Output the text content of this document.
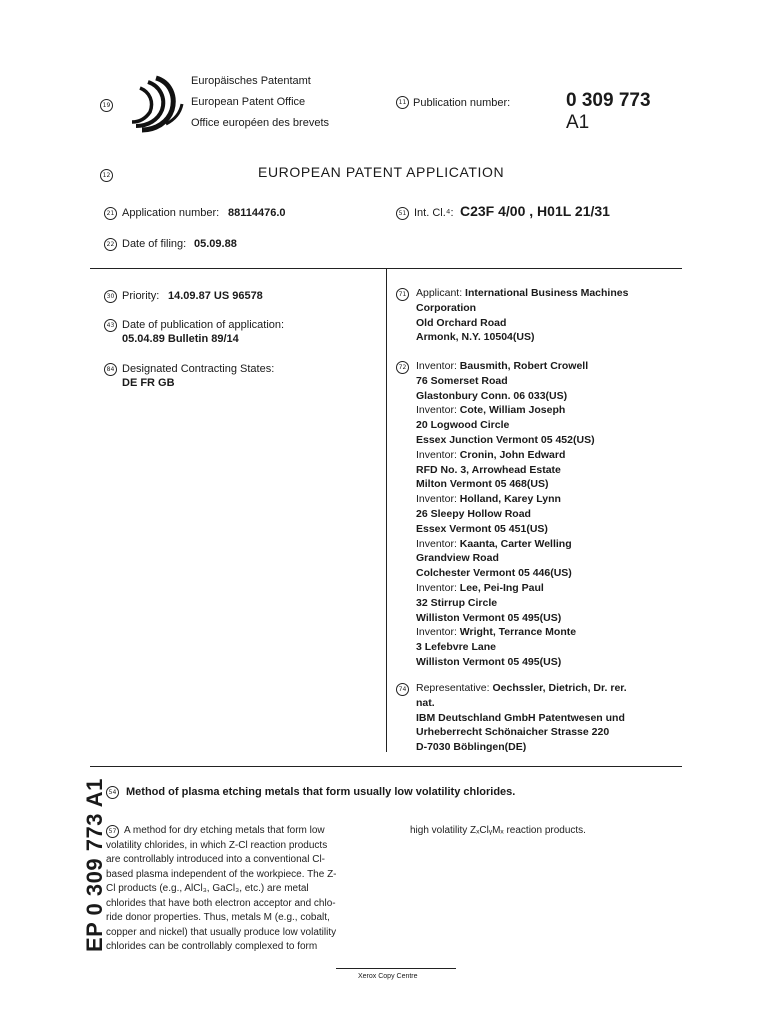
19
Europäisches Patentamt
European Patent Office
Office européen des brevets
11 Publication number:	0 309 773
A1
12	EUROPEAN PATENT APPLICATION
21 Application number: 88114476.0	51 Int. Cl.⁴: C23F 4/00 , H01L 21/31
22 Date of filing: 05.09.88
30 Priority: 14.09.87 US 96578
43 Date of publication of application:
05.04.89 Bulletin 89/14
84 Designated Contracting States:
DE FR GB
71 Applicant: International Business Machines
Corporation
Old Orchard Road
Armonk, N.Y. 10504(US)
72 Inventor: Bausmith, Robert Crowell
76 Somerset Road
Glastonbury Conn. 06 033(US)
Inventor: Cote, William Joseph
20 Logwood Circle
Essex Junction Vermont 05 452(US)
Inventor: Cronin, John Edward
RFD No. 3, Arrowhead Estate
Milton Vermont 05 468(US)
Inventor: Holland, Karey Lynn
26 Sleepy Hollow Road
Essex Vermont 05 451(US)
Inventor: Kaanta, Carter Welling
Grandview Road
Colchester Vermont 05 446(US)
Inventor: Lee, Pei-Ing Paul
32 Stirrup Circle
Williston Vermont 05 495(US)
Inventor: Wright, Terrance Monte
3 Lefebvre Lane
Williston Vermont 05 495(US)
74 Representative: Oechssler, Dietrich, Dr. rer.
nat.
IBM Deutschland GmbH Patentwesen und
Urheberrecht Schönaicher Strasse 220
D-7030 Böblingen(DE)
54 Method of plasma etching metals that form usually low volatility chlorides.
57 A method for dry etching metals that form low
volatility chlorides, in which Z-Cl reaction products
are controllably introduced into a conventional Cl-
based plasma independent of the workpiece. The Z-
Cl products (e.g., AlCl₃, GaCl₃, etc.) are metal
chlorides that have both electron acceptor and chlo-
ride donor properties. Thus, metals M (e.g., cobalt,
copper and nickel) that usually produce low volatility
chlorides can be controllably complexed to form
high volatility ZₓClᵧMₓ reaction products.
EP 0 309 773 A1
Xerox Copy Centre
